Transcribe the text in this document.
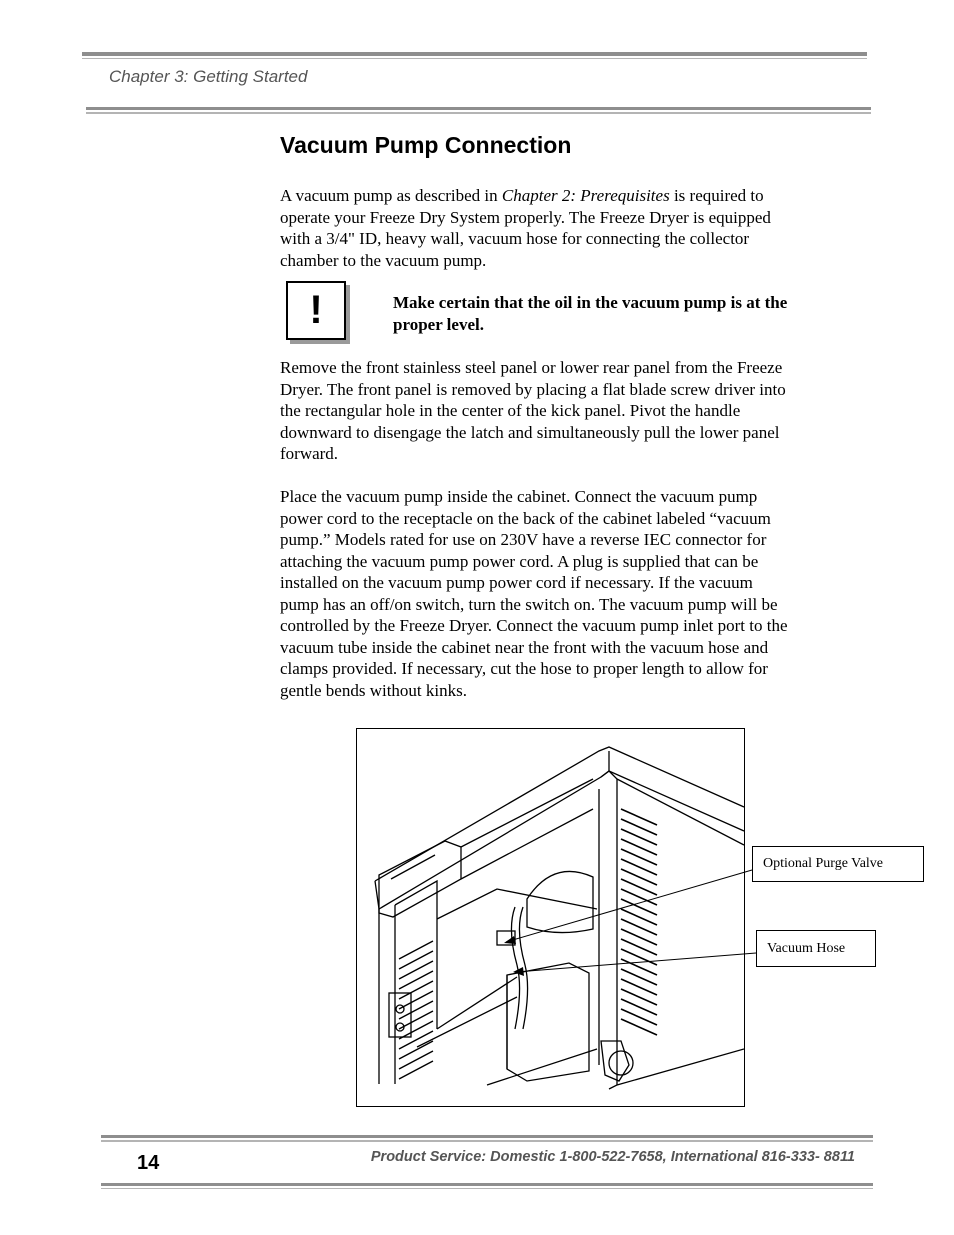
Chapter 3: Getting Started
Vacuum Pump Connection

A vacuum pump as described in Chapter 2: Prerequisites is required to operate your Freeze Dry System properly. The Freeze Dryer is equipped with a 3/4" ID, heavy wall, vacuum hose for connecting the collector chamber to the vacuum pump.

!	Make certain that the oil in the vacuum pump is at the proper level.

Remove the front stainless steel panel or lower rear panel from the Freeze Dryer. The front panel is removed by placing a flat blade screw driver into the rectangular hole in the center of the kick panel. Pivot the handle downward to disengage the latch and simultaneously pull the lower panel forward.

Place the vacuum pump inside the cabinet. Connect the vacuum pump power cord to the receptacle on the back of the cabinet labeled “vacuum pump.” Models rated for use on 230V have a reverse IEC connector for attaching the vacuum pump power cord. A plug is supplied that can be installed on the vacuum pump power cord if necessary. If the vacuum pump has an off/on switch, turn the switch on. The vacuum pump will be controlled by the Freeze Dryer. Connect the vacuum pump inlet port to the vacuum tube inside the cabinet near the front with the vacuum hose and clamps provided. If necessary, cut the hose to proper length to allow for gentle bends without kinks.

Optional Purge Valve
Vacuum Hose
14	Product Service: Domestic 1-800-522-7658, International 816-333- 8811
